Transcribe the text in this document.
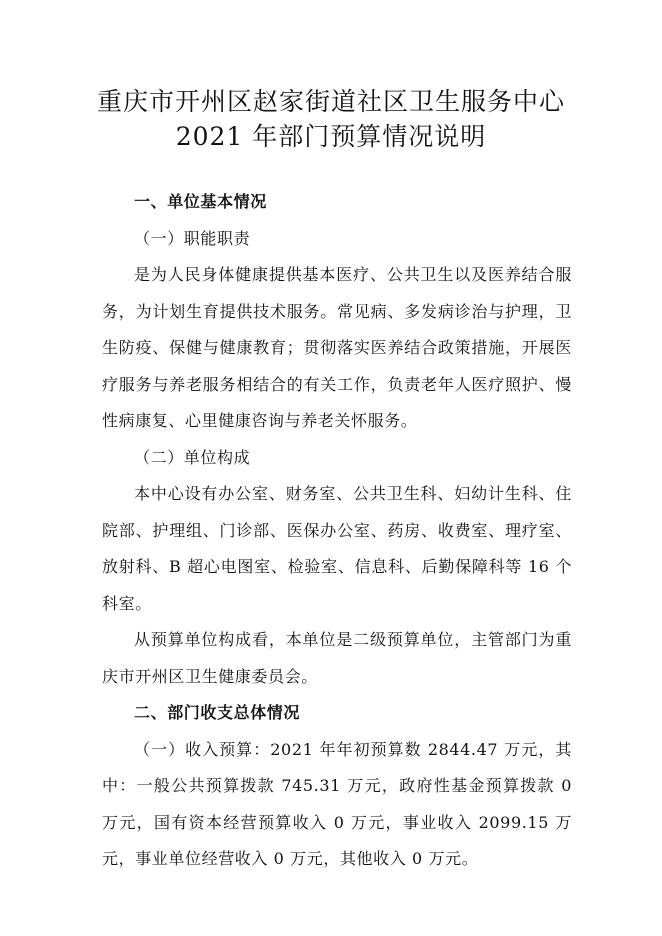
重庆市开州区赵家街道社区卫生服务中心
2021 年部门预算情况说明

一、单位基本情况

（一）职能职责

是为人民身体健康提供基本医疗、公共卫生以及医养结合服务，为计划生育提供技术服务。常见病、多发病诊治与护理，卫生防疫、保健与健康教育；贯彻落实医养结合政策措施，开展医疗服务与养老服务相结合的有关工作，负责老年人医疗照护、慢性病康复、心里健康咨询与养老关怀服务。

（二）单位构成

本中心设有办公室、财务室、公共卫生科、妇幼计生科、住院部、护理组、门诊部、医保办公室、药房、收费室、理疗室、放射科、B 超心电图室、检验室、信息科、后勤保障科等 16 个科室。

从预算单位构成看，本单位是二级预算单位，主管部门为重庆市开州区卫生健康委员会。

二、部门收支总体情况

（一）收入预算：2021 年年初预算数 2844.47 万元，其中：一般公共预算拨款 745.31 万元，政府性基金预算拨款 0 万元，国有资本经营预算收入 0 万元，事业收入 2099.15 万元，事业单位经营收入 0 万元，其他收入 0 万元。
